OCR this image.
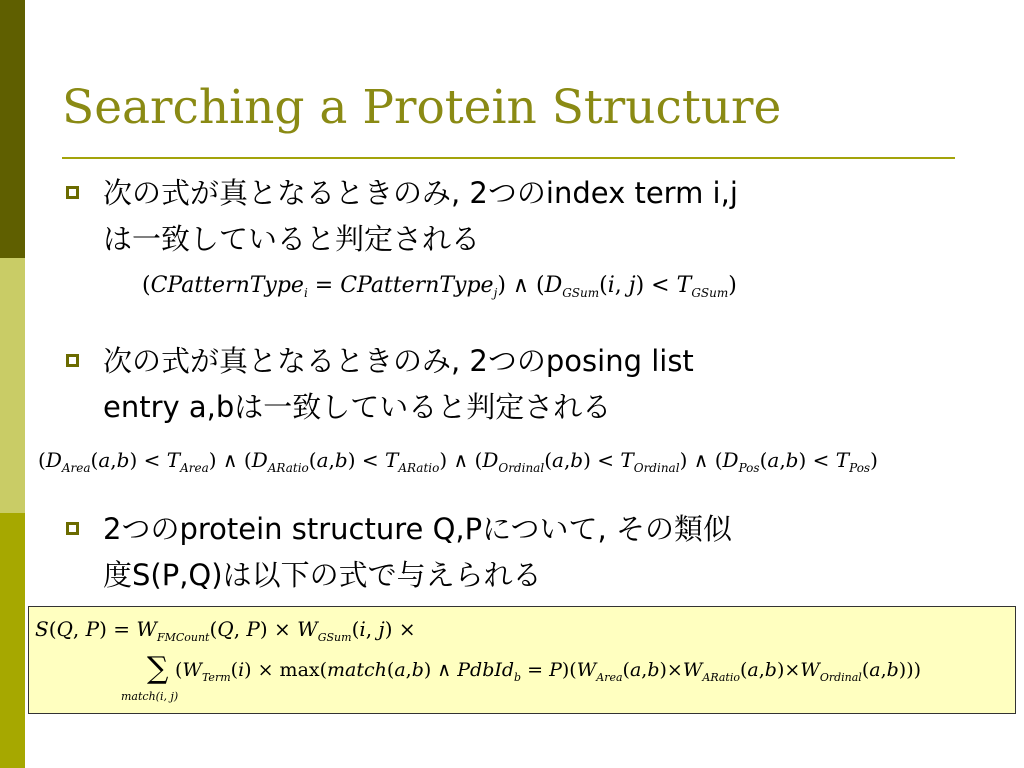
Searching a Protein Structure
次の式が真となるときのみ, 2つのindex term i,j
は一致していると判定される
(CPatternType$_i$ = CPatternType$_j$) ∧ ($D_{GSum}(i$, $j) < T_{GSum}$)
次の式が真となるときのみ, 2つのposing list
entry a,bは一致していると判定される
$(D_{Area}(a,b) < T_{Area})$ ∧ $(D_{ARatio}(a,b) < T_{ARatio})$ ∧ $(D_{Ordinal}(a,b) < T_{Ordinal})$ ∧ $(D_{Pos}(a,b) < T_{Pos})$
2つのprotein structure Q,Pについて, その類似
度S(P,Q)は以下の式で与えられる
S(Q, $P) = W_{FMCount}(Q$, $P) \times W_{GSum}(i$, j) ×
∑
match(i, j)
($W_{Term}(i)$ × max(match(a,b) ∧ PdbId$_b$ = $P)(W_{Area}(a,b)\times W_{ARatio}(a,b)\times W_{Ordinal}(a,b))$)
